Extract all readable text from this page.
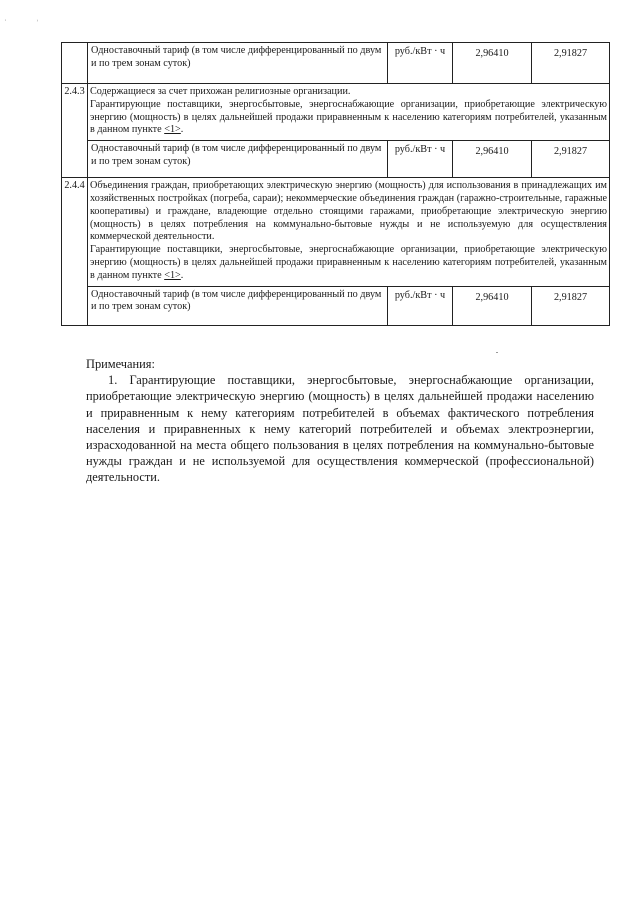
˙	˒
	Одноставочный тариф (в том числе дифференцированный по двум и по трем зонам суток)	руб./кВт · ч	2,96410	2,91827
2.4.3	Содержащиеся за счет прихожан религиозные организации.

Гарантирующие поставщики, энергосбытовые, энергоснабжающие организации, приобретающие электрическую энергию (мощность) в целях дальнейшей продажи приравненным к населению категориям потребителей, указанным в данном пункте <1>.			

	Одноставочный тариф (в том числе дифференцированный по двум и по трем зонам суток)	руб./кВт · ч	2,96410	2,91827
2.4.4	Объединения граждан, приобретающих электрическую энергию (мощность) для использования в принадлежащих им хозяйственных постройках (погреба, сараи); некоммерческие объединения граждан (гаражно-строительные, гаражные кооперативы) и граждане, владеющие отдельно стоящими гаражами, приобретающие электрическую энергию (мощность) в целях потребления на коммунально-бытовые нужды и не используемую для осуществления коммерческой деятельности.

Гарантирующие поставщики, энергосбытовые, энергоснабжающие организации, приобретающие электрическую энергию (мощность) в целях дальнейшей продажи приравненным к населению категориям потребителей, указанным в данном пункте <1>.			

	Одноставочный тариф (в том числе дифференцированный по двум и по трем зонам суток)	руб./кВт · ч	2,96410	2,91827

Примечания:

1. Гарантирующие поставщики, энергосбытовые, энергоснабжающие организации, приобретающие электрическую энергию (мощность) в целях дальнейшей продажи населению и приравненным к нему категориям потребителей в объемах фактического потребления населения и приравненных к нему категорий потребителей и объемах электроэнергии, израсходованной на места общего пользования в целях потребления на коммунально-бытовые нужды граждан и не используемой для осуществления коммерческой (профессиональной) деятельности.
